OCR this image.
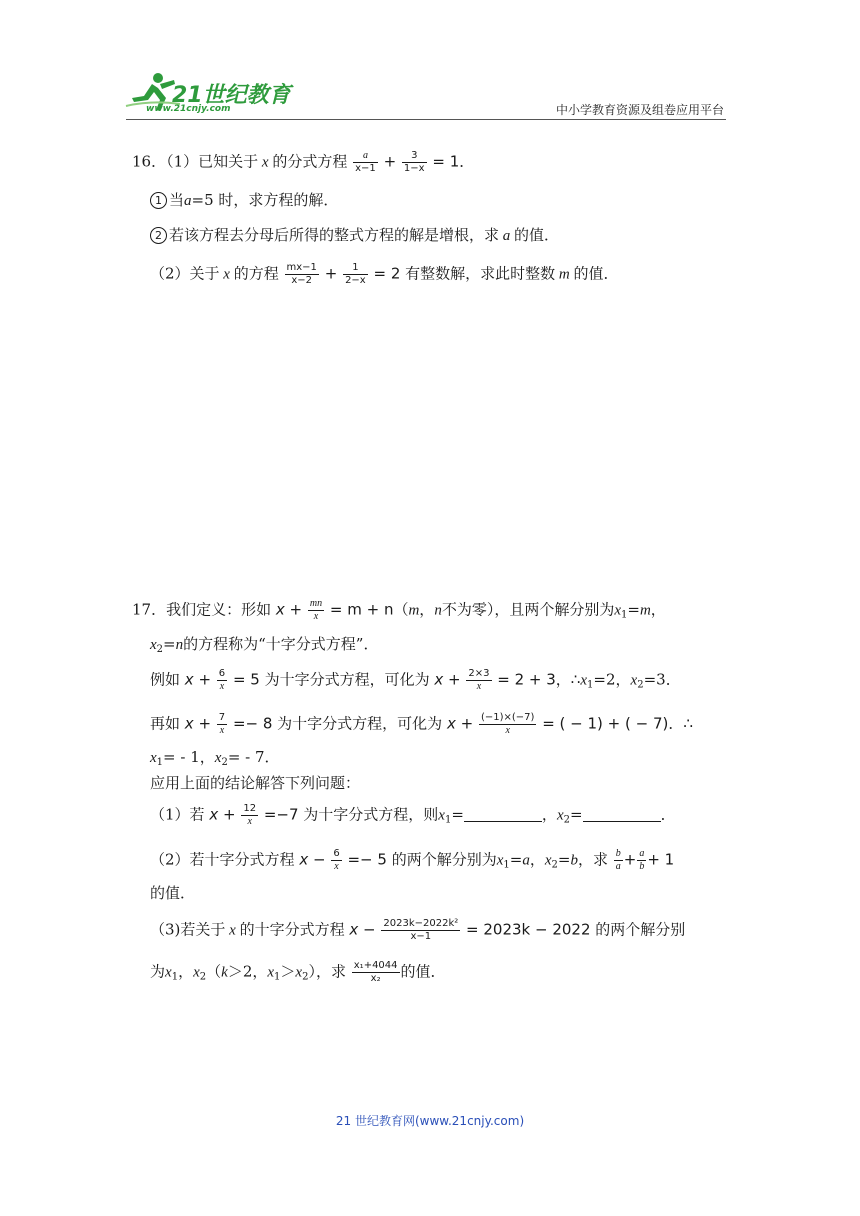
21世纪教育
www.21cnjy.com	中小学教育资源及组卷应用平台
16．（1）已知关于 x 的分式方程 $\frac{a}{x-1} + \frac{3}{1-x} = 1$．
1 当a=5 时，求方程的解．
2 若该方程去分母后所得的整式方程的解是增根，求 a 的值．
（2）关于 x 的方程 $\frac{mx-1}{x-2} + \frac{1}{2-x} = 2$ 有整数解，求此时整数 m 的值．
17．我们定义：形如 $x + \frac{mn}{x} = m + n(m$，n不为零），且两个解分别为$x_1=m$，
$x_2=n$的方程称为“十字分式方程”．
例如 $x + \frac{6}{x} = 5$ 为十字分式方程，可化为 $x + \frac{2\times 3}{x} = 2 + 3$，$\therefore x_1=2$，$x_2=3$．
再如 $x + \frac{7}{x} =- 8$ 为十字分式方程，可化为 $x + \frac{(-1)\times(-7)}{x}$ = ( − 1) + ( − 7)．∴
$x_1=$ ‑ 1，$x_2=$ ‑ 7．
应用上面的结论解答下列问题：
（1）若 $x + \frac{12}{x} =-7$ 为十字分式方程，则$x_1=$	，$x_2=$	．
（2）若十字分式方程 $x - \frac{6}{x} =- 5$ 的两个解分别为$x_1=a$，$x_2=b$，求 $\frac{b}{a} + \frac{a}{b} + 1$
的值．
（3)若关于 x 的十字分式方程 $x - \frac{\text{2023k−2022k²}}{x-1} = 2023k - 2022$ 的两个解分别
为$x_1$，$x_2(k>2$，$x_1>x_2$），求 $\frac{\text{x₁+4044}}{\text{x₂}}$ 的值．
21 世纪教育网(www.21cnjy.com)
